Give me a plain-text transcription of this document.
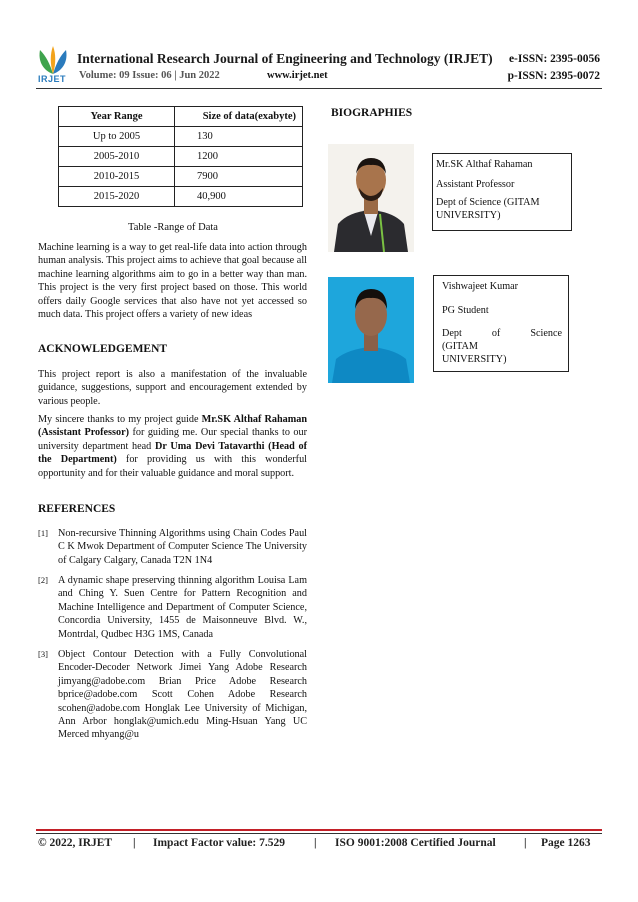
IRJET
International Research Journal of Engineering and Technology (IRJET) e-ISSN: 2395-0056
Volume: 09 Issue: 06 | Jun 2022	www.irjet.net	p-ISSN: 2395-0072
Year Range	Size of data(exabyte)
Up to 2005	130
2005-2010	1200
2010-2015	7900
2015-2020	40,900
Table -Range of Data
Machine learning is a way to get real-life data into action through human analysis. This project aims to achieve that goal because all machine learning algorithms aim to go in a better way than man. This project is the very first project based on those. This world offers daily Google services that also have not yet accessed so much data. This project offers a variety of new ideas
ACKNOWLEDGEMENT
This project report is also a manifestation of the invaluable guidance, suggestions, support and encouragement extended by various people.
My sincere thanks to my project guide Mr.SK Althaf Rahaman (Assistant Professor) for guiding me. Our special thanks to our university department head Dr Uma Devi Tatavarthi (Head of the Department) for providing us with this wonderful opportunity and for their valuable guidance and moral support.
REFERENCES
[1] Non-recursive Thinning Algorithms using Chain Codes Paul C K Mwok Department of Computer Science The University of Calgary Calgary, Canada T2N 1N4
[2] A dynamic shape preserving thinning algorithm Louisa Lam and Ching Y. Suen Centre for Pattern Recognition and Machine Intelligence and Department of Computer Science, Concordia University, 1455 de Maisonneuve Blvd. W., Montrdal, Qudbec H3G 1MS, Canada
[3] Object Contour Detection with a Fully Convolutional Encoder-Decoder Network Jimei Yang Adobe Research jimyang@adobe.com Brian Price Adobe Research bprice@adobe.com Scott Cohen Adobe Research scohen@adobe.com Honglak Lee University of Michigan, Ann Arbor honglak@umich.edu Ming-Hsuan Yang UC Merced mhyang@u
BIOGRAPHIES
Mr.SK Althaf Rahaman
Assistant Professor
Dept of Science (GITAM UNIVERSITY)
Vishwajeet Kumar
PG Student
Dept	of	Science
(GITAM
UNIVERSITY)
© 2022, IRJET | Impact Factor value: 7.529	| ISO 9001:2008 Certified Journal | Page 1263
